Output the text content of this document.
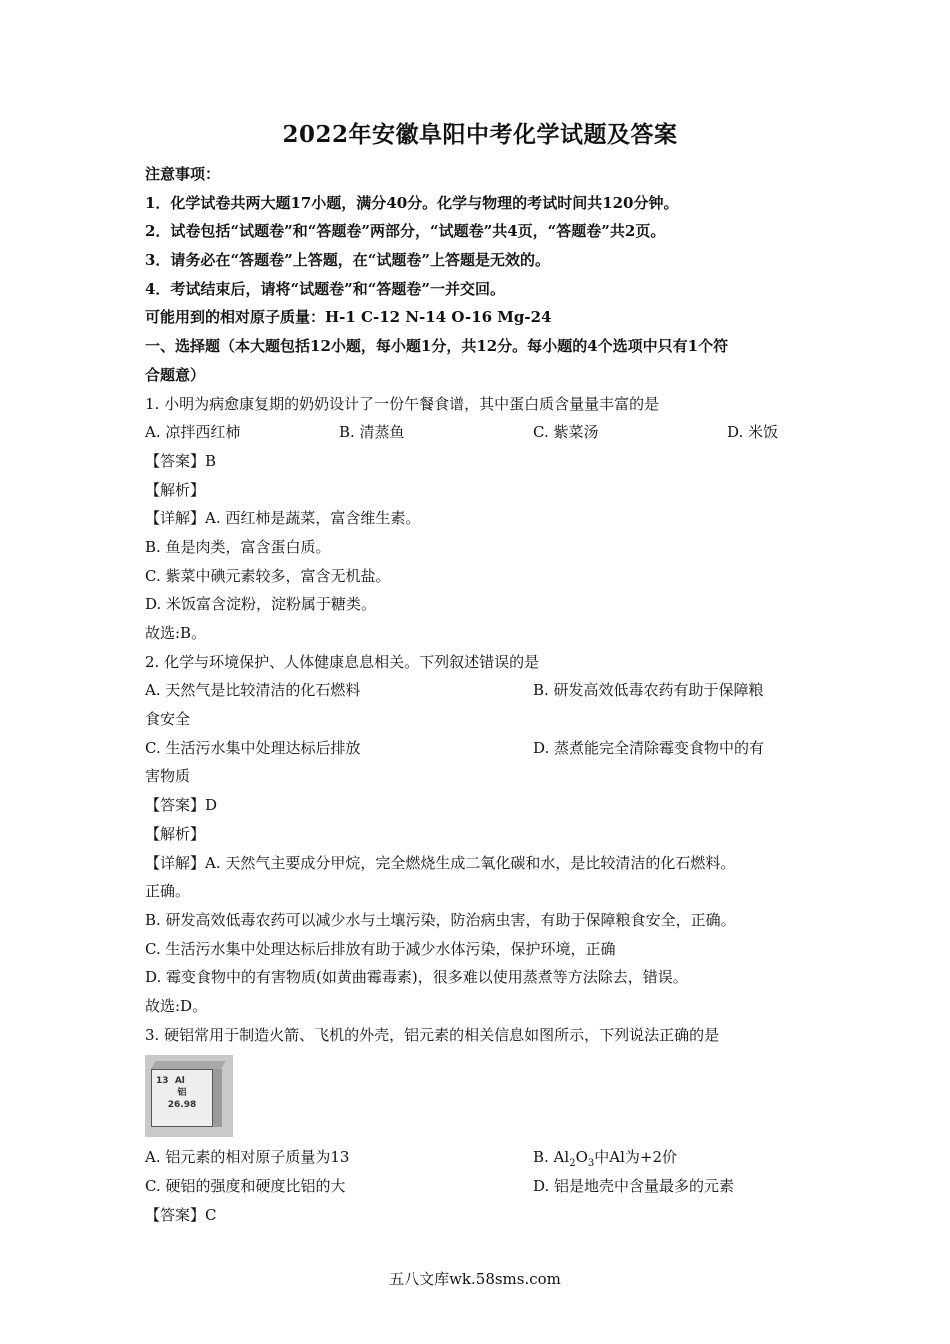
2022年安徽阜阳中考化学试题及答案
注意事项：
1．化学试卷共两大题17小题，满分40分。化学与物理的考试时间共120分钟。
2．试卷包括“试题卷”和“答题卷”两部分，“试题卷”共4页，“答题卷”共2页。
3．请务必在“答题卷”上答题，在“试题卷”上答题是无效的。
4．考试结束后，请将“试题卷”和“答题卷”一并交回。
可能用到的相对原子质量：H-1 C-12 N-14 O-16 Mg-24
一、选择题（本大题包括12小题，每小题1分，共12分。每小题的4个选项中只有1个符
合题意）
1. 小明为病愈康复期的奶奶设计了一份午餐食谱，其中蛋白质含量量丰富的是
A. 凉拌西红柿	B. 清蒸鱼	C. 紫菜汤	D. 米饭
【答案】B
【解析】
【详解】A. 西红柿是蔬菜，富含维生素。
B. 鱼是肉类，富含蛋白质。
C. 紫菜中碘元素较多，富含无机盐。
D. 米饭富含淀粉，淀粉属于糖类。
故选:B。
2. 化学与环境保护、人体健康息息相关。下列叙述错误的是
A. 天然气是比较清洁的化石燃料	B. 研发高效低毒农药有助于保障粮
食安全
C. 生活污水集中处理达标后排放	D. 蒸煮能完全清除霉变食物中的有
害物质
【答案】D
【解析】
【详解】A. 天然气主要成分甲烷，完全燃烧生成二氧化碳和水，是比较清洁的化石燃料。
正确。
B. 研发高效低毒农药可以减少水与土壤污染，防治病虫害，有助于保障粮食安全，正确。
C. 生活污水集中处理达标后排放有助于减少水体污染，保护环境，正确
D. 霉变食物中的有害物质(如黄曲霉毒素)，很多难以使用蒸煮等方法除去，错误。
故选:D。
3. 硬铝常用于制造火箭、飞机的外壳，铝元素的相关信息如图所示，下列说法正确的是
13 Al
铝
26.98
A. 铝元素的相对原子质量为13	B. $Al_2O_3$中Al为+2价
C. 硬铝的强度和硬度比铝的大	D. 铝是地壳中含量最多的元素
【答案】C
五八文库wk.58sms.com
